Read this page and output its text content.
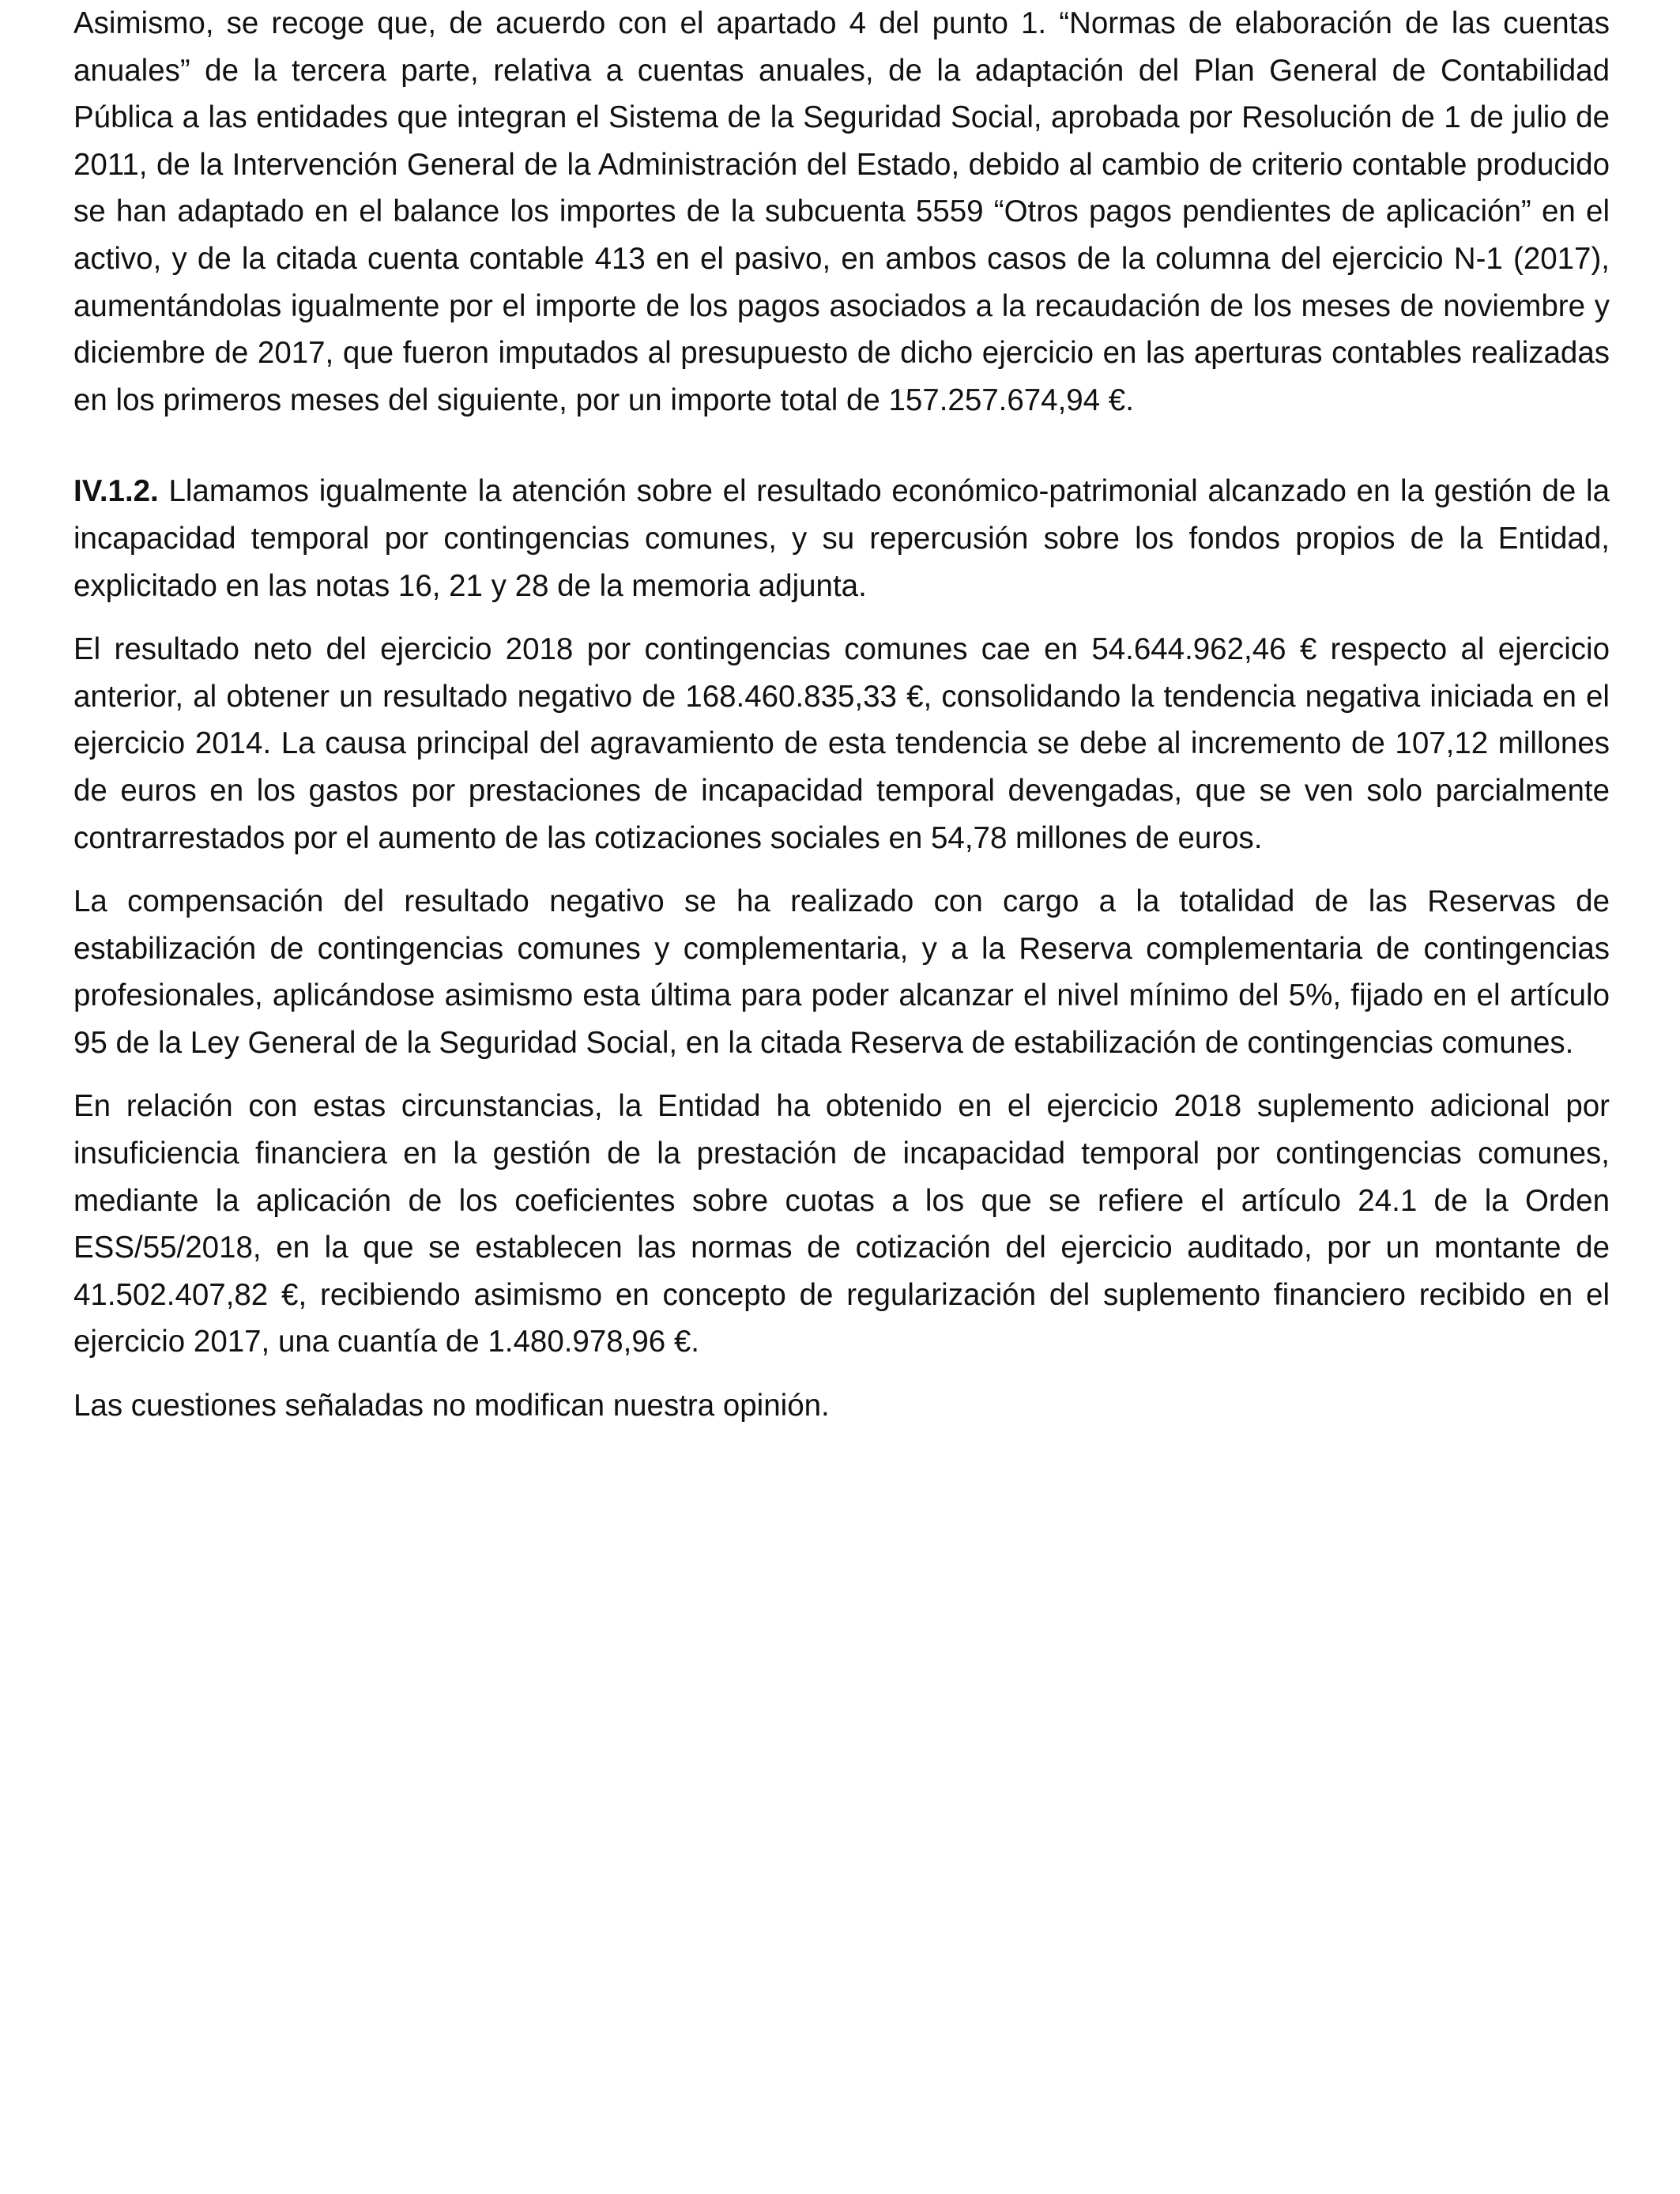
Asimismo, se recoge que, de acuerdo con el apartado 4 del punto 1. “Normas de elaboración de las cuentas anuales” de la tercera parte, relativa a cuentas anuales, de la adaptación del Plan General de Contabilidad Pública a las entidades que integran el Sistema de la Seguridad Social, aprobada por Resolución de 1 de julio de 2011, de la Intervención General de la Administración del Estado, debido al cambio de criterio contable producido se han adaptado en el balance los importes de la subcuenta 5559 “Otros pagos pendientes de aplicación” en el activo, y de la citada cuenta contable 413 en el pasivo, en ambos casos de la columna del ejercicio N-1 (2017), aumentándolas igualmente por el importe de los pagos asociados a la recaudación de los meses de noviembre y diciembre de 2017, que fueron imputados al presupuesto de dicho ejercicio en las aperturas contables realizadas en los primeros meses del siguiente, por un importe total de 157.257.674,94 €.

IV.1.2. Llamamos igualmente la atención sobre el resultado económico-patrimonial alcanzado en la gestión de la incapacidad temporal por contingencias comunes, y su repercusión sobre los fondos propios de la Entidad, explicitado en las notas 16, 21 y 28 de la memoria adjunta.

El resultado neto del ejercicio 2018 por contingencias comunes cae en 54.644.962,46 € respecto al ejercicio anterior, al obtener un resultado negativo de 168.460.835,33 €, consolidando la tendencia negativa iniciada en el ejercicio 2014. La causa principal del agravamiento de esta tendencia se debe al incremento de 107,12 millones de euros en los gastos por prestaciones de incapacidad temporal devengadas, que se ven solo parcialmente contrarrestados por el aumento de las cotizaciones sociales en 54,78 millones de euros.

La compensación del resultado negativo se ha realizado con cargo a la totalidad de las Reservas de estabilización de contingencias comunes y complementaria, y a la Reserva complementaria de contingencias profesionales, aplicándose asimismo esta última para poder alcanzar el nivel mínimo del 5%, fijado en el artículo 95 de la Ley General de la Seguridad Social, en la citada Reserva de estabilización de contingencias comunes.

En relación con estas circunstancias, la Entidad ha obtenido en el ejercicio 2018 suplemento adicional por insuficiencia financiera en la gestión de la prestación de incapacidad temporal por contingencias comunes, mediante la aplicación de los coeficientes sobre cuotas a los que se refiere el artículo 24.1 de la Orden ESS/55/2018, en la que se establecen las normas de cotización del ejercicio auditado, por un montante de 41.502.407,82 €, recibiendo asimismo en concepto de regularización del suplemento financiero recibido en el ejercicio 2017, una cuantía de 1.480.978,96 €.

Las cuestiones señaladas no modifican nuestra opinión.
